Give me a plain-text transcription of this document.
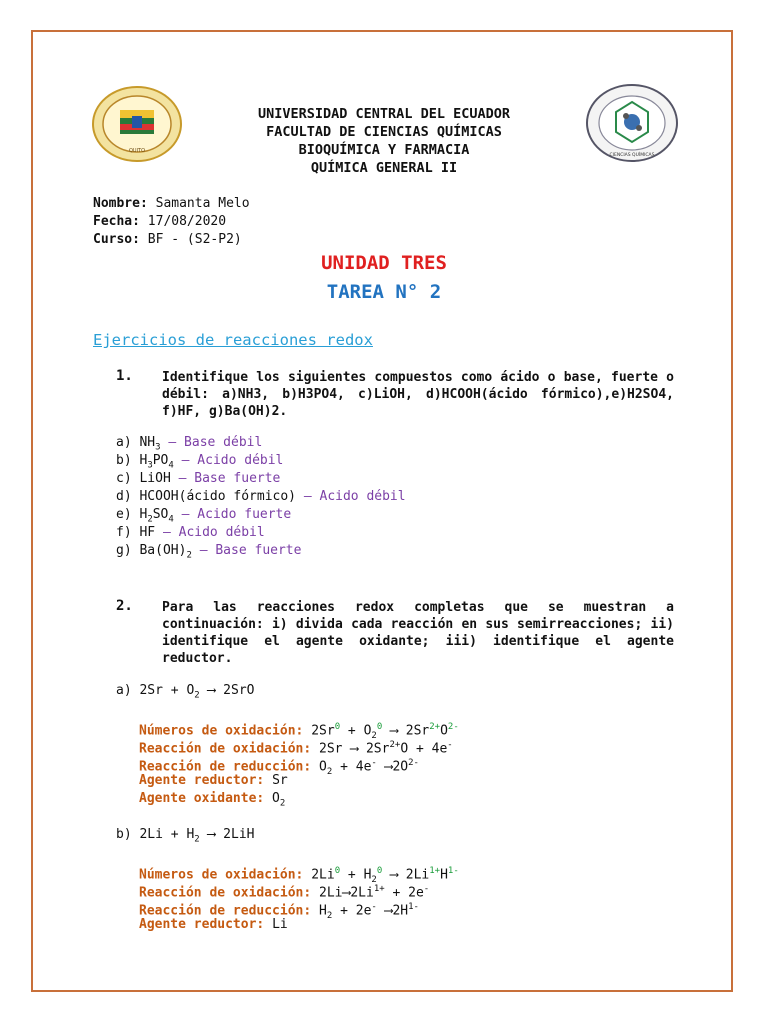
QUITO
CIENCIAS QUÍMICAS
UNIVERSIDAD CENTRAL DEL ECUADOR
FACULTAD DE CIENCIAS QUÍMICAS
BIOQUÍMICA Y FARMACIA
QUÍMICA GENERAL II
Nombre: Samanta Melo
Fecha: 17/08/2020
Curso: BF - (S2-P2)
UNIDAD TRES
TAREA N° 2
Ejercicios de reacciones redox
1. Identifique los siguientes compuestos como ácido o base, fuerte o débil: a)NH3, b)H3PO4, c)LiOH, d)HCOOH(ácido fórmico),e)H2SO4, f)HF, g)Ba(OH)2.
a) $NH_3$ – Base débil
b) $H_3PO_4$ – Acido débil
c) LiOH – Base fuerte
d) HCOOH(ácido fórmico) – Acido débil
e) $H_2SO_4$ – Acido fuerte
f) HF – Acido débil
g) $Ba(OH)_2$ – Base fuerte
2. Para las reacciones redox completas que se muestran a continuación: i) divida cada reacción en sus semirreacciones; ii) identifique el agente oxidante; iii) identifique el agente reductor.
a) $2Sr + O_2$ ⟶ 2SrO
Números de oxidación: $2Sr^0 + O_2^0$ ⟶ $2Sr^{2+}O^{2-}$
Reacción de oxidación: 2Sr ⟶ $2Sr^{2+}O + 4e^-$
Reacción de reducción: $O_2 + 4e^-$ $⟶2O^{2-}$
Agente reductor: Sr
Agente oxidante: $O_2$
b) $2Li + H_2$ ⟶ 2LiH
Números de oxidación: $2Li^0 + H_2^0$ ⟶ $2Li^{1+}H^{1-}$
Reacción de oxidación: $2Li⟶2Li^{1+} + 2e^-$
Reacción de reducción: $H_2 + 2e^-$ $⟶2H^{1-}$
Agente reductor: Li
